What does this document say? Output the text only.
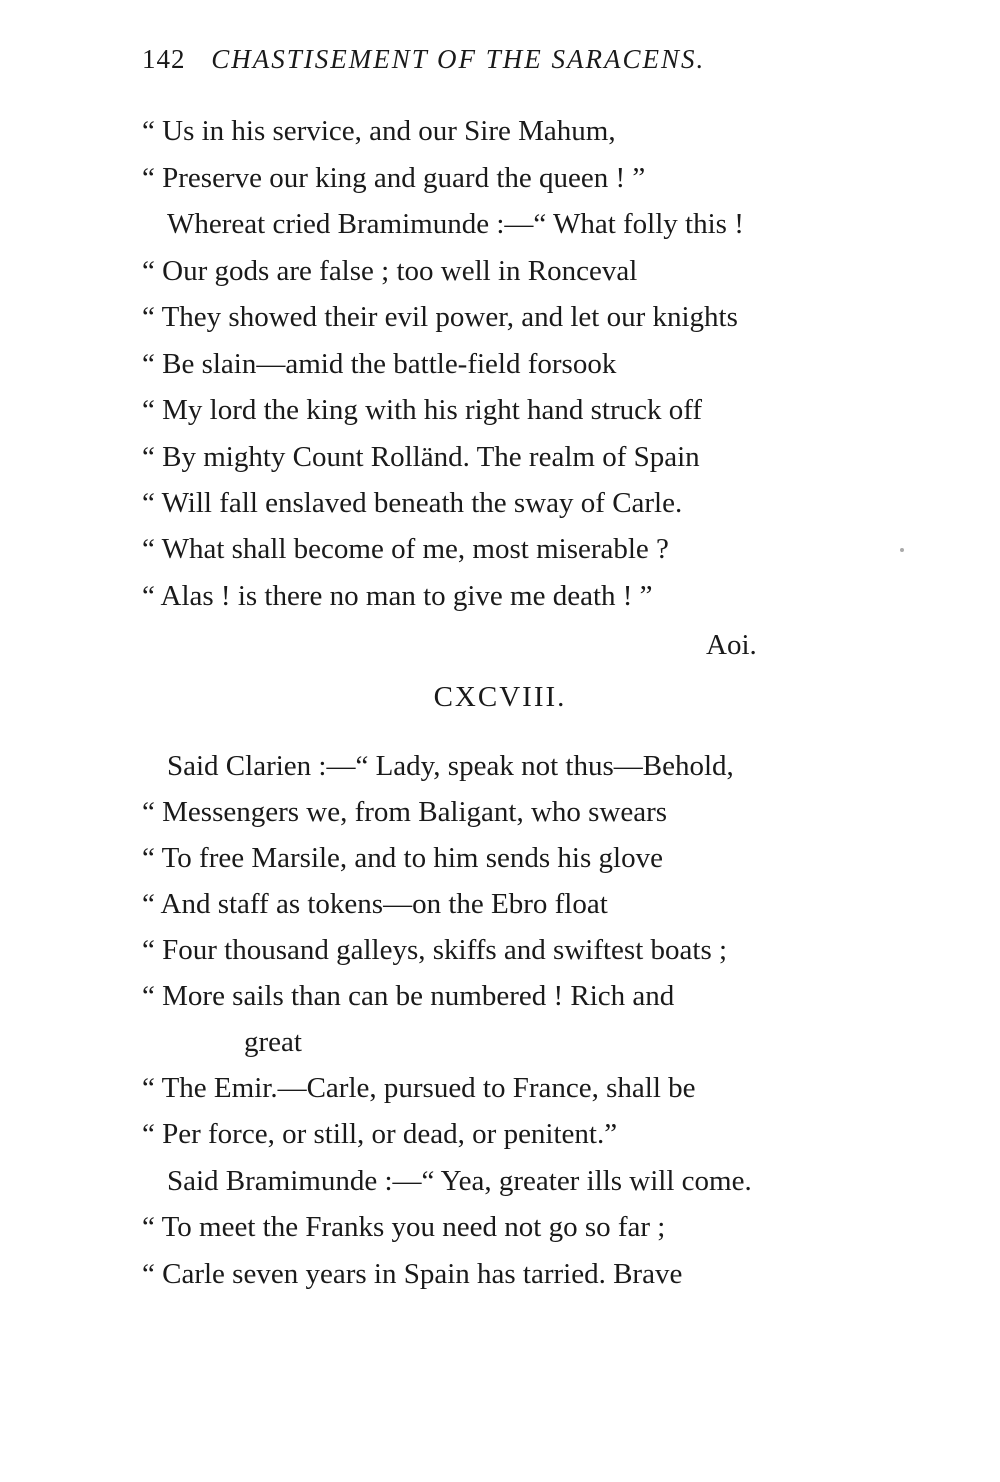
142 CHASTISEMENT OF THE SARACENS.
“ Us in his service, and our Sire Mahum,
“ Preserve our king and guard the queen ! ”
Whereat cried Bramimunde :—“ What folly this !
“ Our gods are false ; too well in Ronceval
“ They showed their evil power, and let our knights
“ Be slain—amid the battle-field forsook
“ My lord the king with his right hand struck off
“ By mighty Count Rolländ. The realm of Spain
“ Will fall enslaved beneath the sway of Carle.
“ What shall become of me, most miserable ?
“ Alas ! is there no man to give me death ! ”
Aoi.
CXCVIII.
Said Clarien :—“ Lady, speak not thus—Behold,
“ Messengers we, from Baligant, who swears
“ To free Marsile, and to him sends his glove
“ And staff as tokens—on the Ebro float
“ Four thousand galleys, skiffs and swiftest boats ;
“ More sails than can be numbered ! Rich and
great
“ The Emir.—Carle, pursued to France, shall be
“ Per force, or still, or dead, or penitent.”
Said Bramimunde :—“ Yea, greater ills will come.
“ To meet the Franks you need not go so far ;
“ Carle seven years in Spain has tarried. Brave
